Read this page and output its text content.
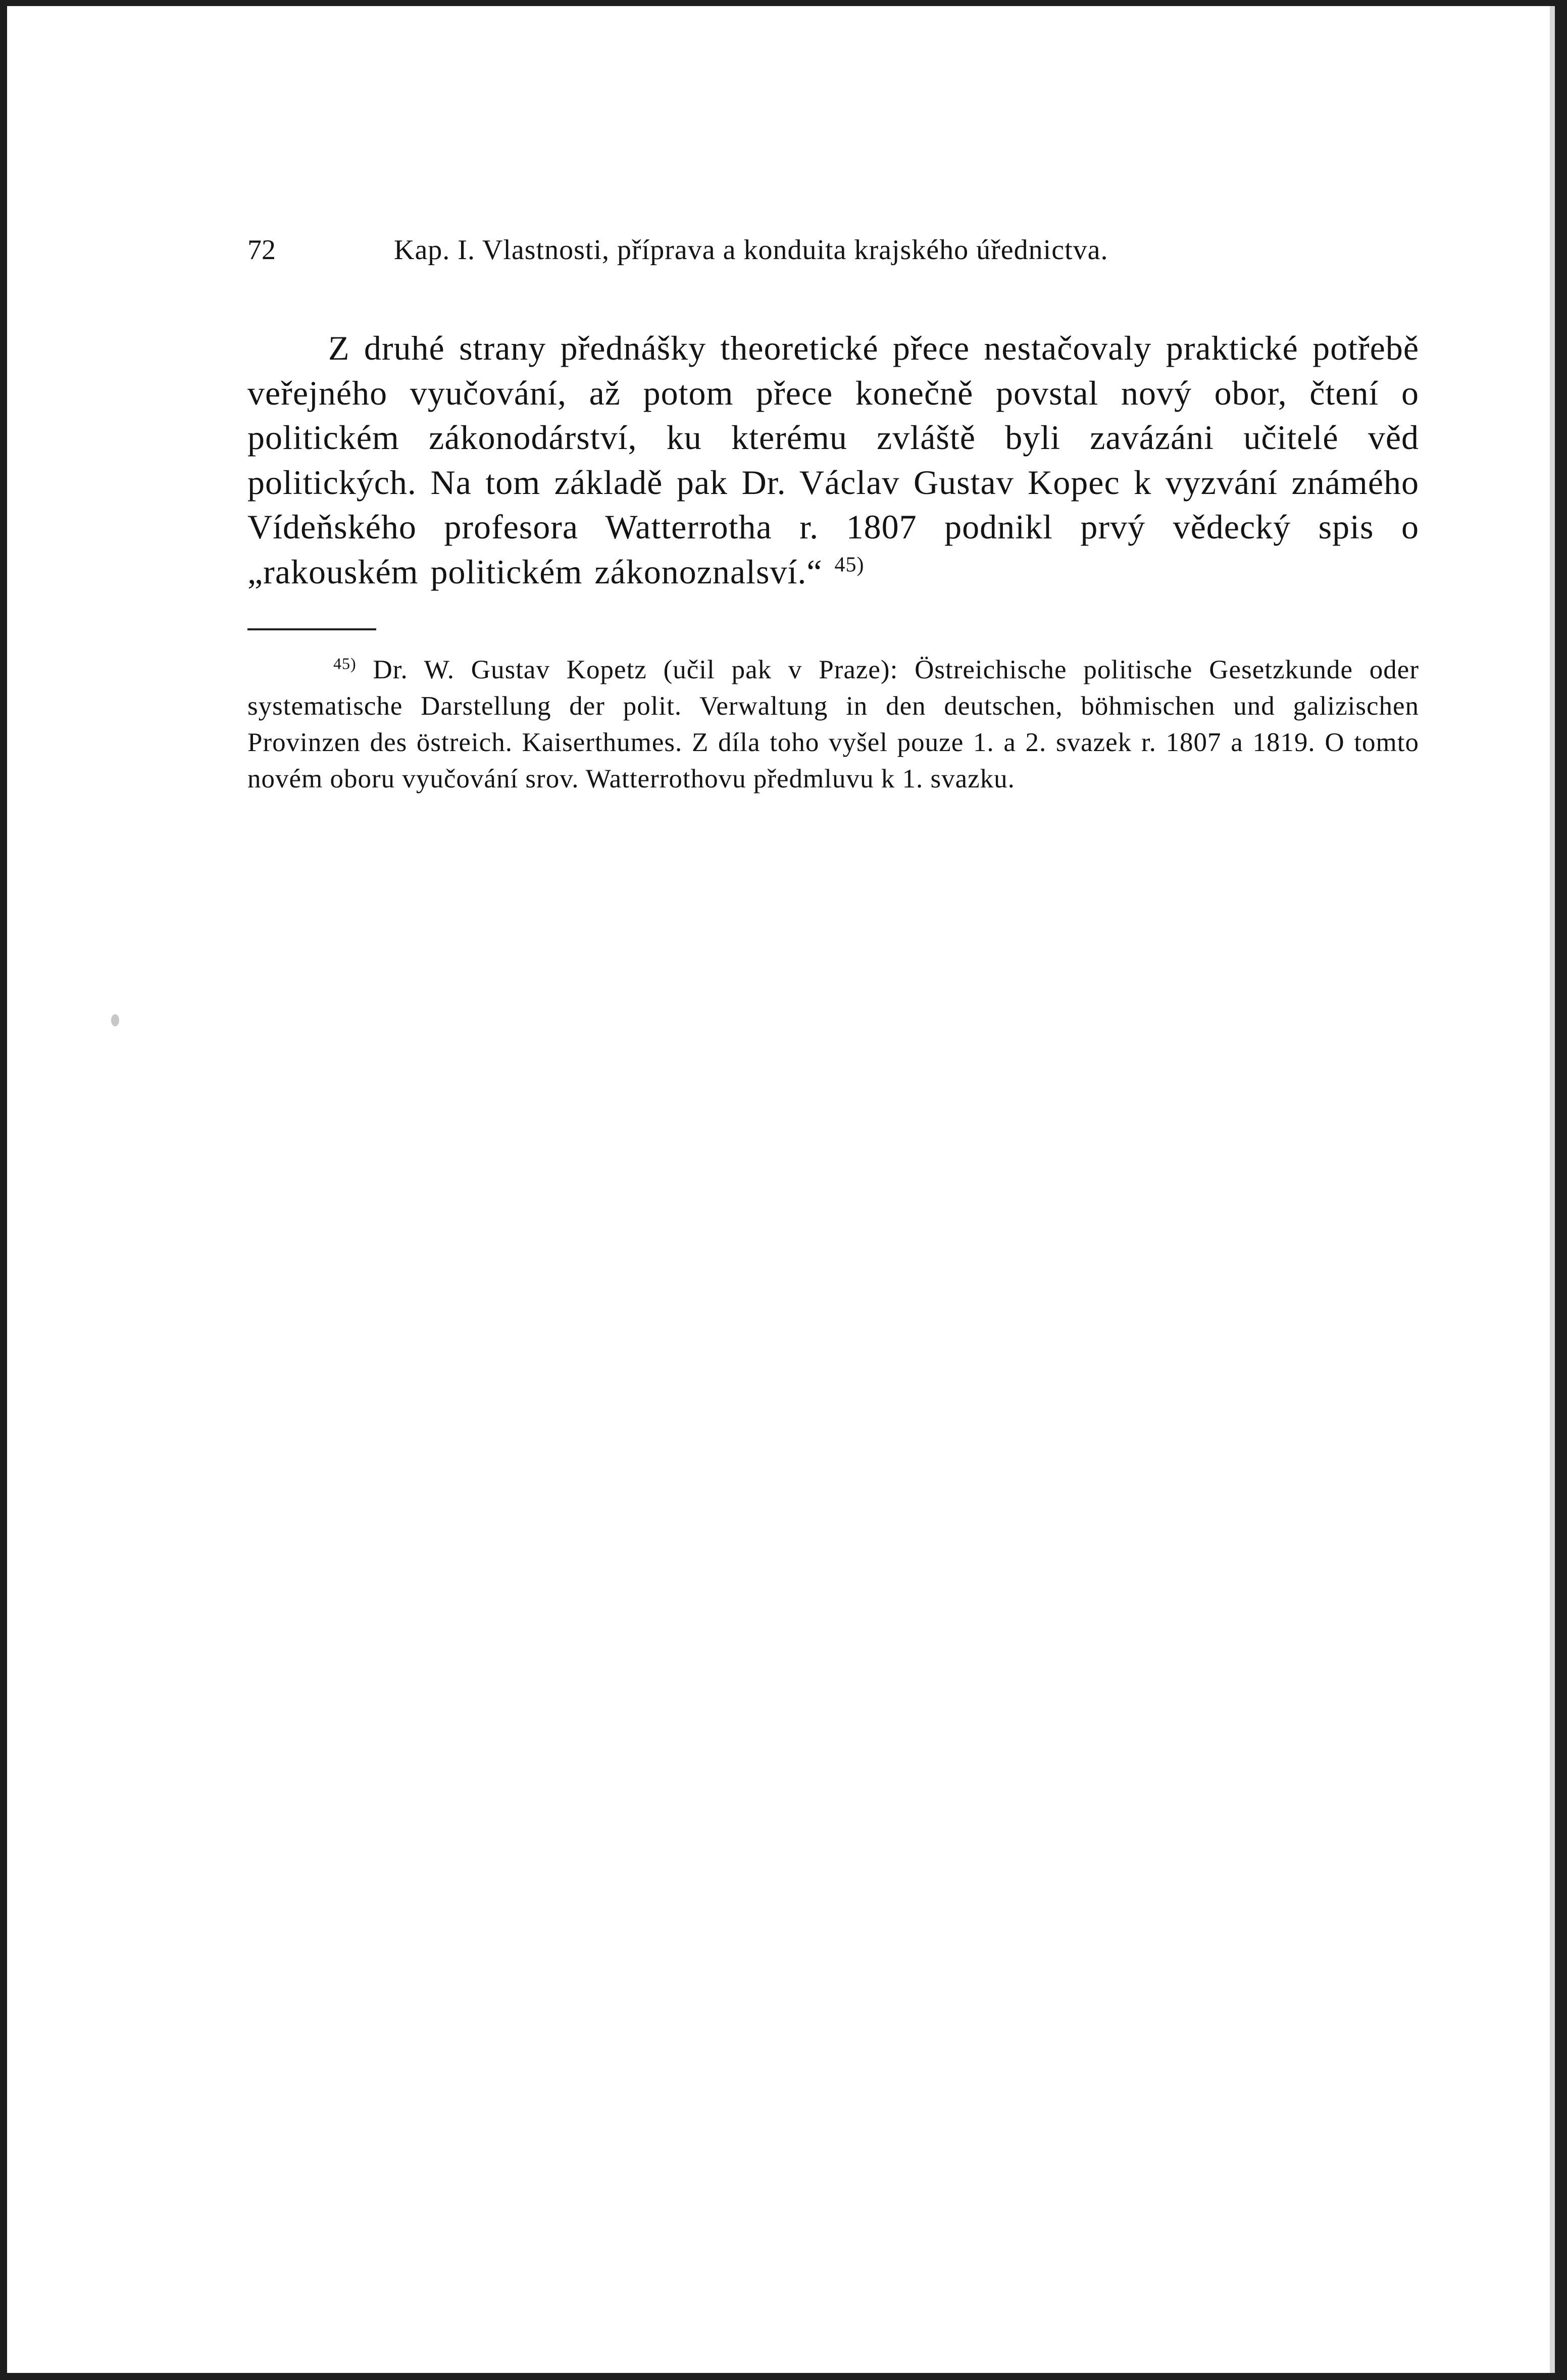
72	Kap. I. Vlastnosti, příprava a konduita krajského úřednictva.

Z druhé strany přednášky theoretické přece nestačovaly praktické potřebě veřejného vyučování, až potom přece konečně povstal nový obor, čtení o politickém zákonodárství, ku kterému zvláště byli zavázáni učitelé věd politických. Na tom základě pak Dr. Václav Gustav Kopec k vyzvání známého Vídeňského profesora Watterrotha r. 1807 podnikl prvý vědecký spis o „rakouském politickém zákonoznalsví.“ $^{45)}$

$^{45)}$ Dr. W. Gustav Kopetz (učil pak v Praze): Östreichische politische Gesetzkunde oder systematische Darstellung der polit. Verwaltung in den deutschen, böhmischen und galizischen Provinzen des östreich. Kaiserthumes. Z díla toho vyšel pouze 1. a 2. svazek r. 1807 a 1819. O tomto novém oboru vyučování srov. Watterrothovu předmluvu k 1. svazku.
